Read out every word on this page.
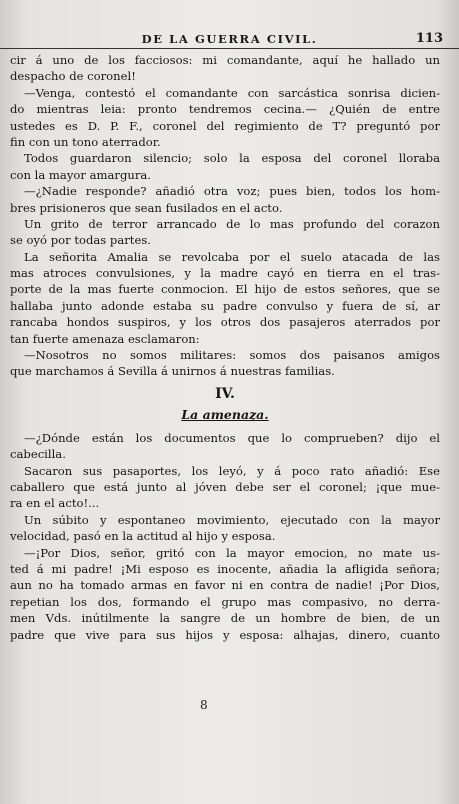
DE LA GUERRA CIVIL.	113
cir á uno de los facciosos: mi comandante, aquí he hallado un
despacho de coronel!
—Venga, contestó el comandante con sarcástica sonrisa dicien-
do mientras leia: pronto tendremos cecina.— ¿Quién de entre
ustedes es D. P. F., coronel del regimiento de T? preguntó por
fin con un tono aterrador.
Todos guardaron silencio; solo la esposa del coronel lloraba
con la mayor amargura.
—¿Nadie responde? añadió otra voz; pues bien, todos los hom-
bres prisioneros que sean fusilados en el acto.
Un grito de terror arrancado de lo mas profundo del corazon
se oyó por todas partes.
La señorita Amalia se revolcaba por el suelo atacada de las
mas atroces convulsiones, y la madre cayó en tierra en el tras-
porte de la mas fuerte conmocion. El hijo de estos señores, que se
hallaba junto adonde estaba su padre convulso y fuera de sí, ar
rancaba hondos suspiros, y los otros dos pasajeros aterrados por
tan fuerte amenaza esclamaron:
—Nosotros no somos militares: somos dos paisanos amigos
que marchamos á Sevilla á unirnos á nuestras familias.
IV.
La amenaza.
—¿Dónde están los documentos que lo comprueben? dijo el
cabecilla.
Sacaron sus pasaportes, los leyó, y á poco rato añadió: Ese
caballero que está junto al jóven debe ser el coronel; ¡que mue-
ra en el acto!...
Un súbito y espontaneo movimiento, ejecutado con la mayor
velocidad, pasó en la actitud al hijo y esposa.
—¡Por Dios, señor, gritó con la mayor emocion, no mate us-
ted á mi padre! ¡Mi esposo es inocente, añadia la afligida señora;
aun no ha tomado armas en favor ni en contra de nadie! ¡Por Dios,
repetian los dos, formando el grupo mas compasivo, no derra-
men Vds. inútilmente la sangre de un hombre de bien, de un
padre que vive para sus hijos y esposa: alhajas, dinero, cuanto
8
